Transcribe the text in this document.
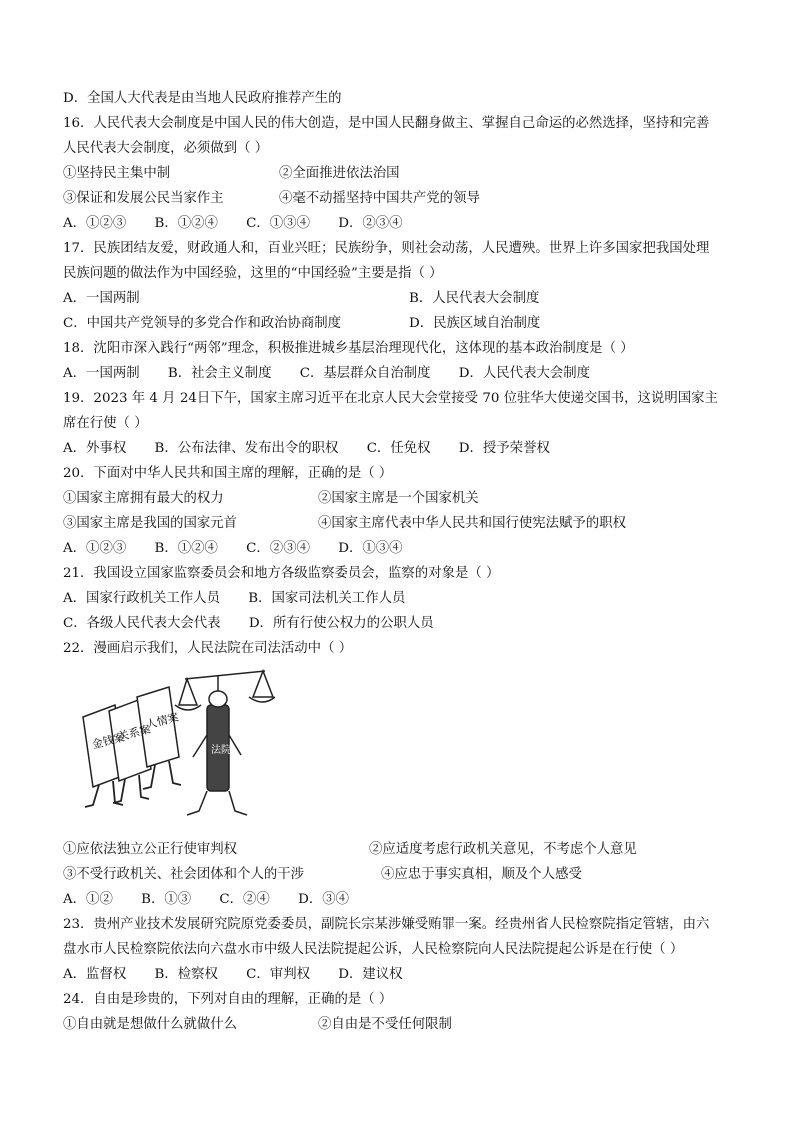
D．全国人大代表是由当地人民政府推荐产生的
16．人民代表大会制度是中国人民的伟大创造，是中国人民翻身做主、掌握自己命运的必然选择，坚持和完善
人民代表大会制度，必须做到（ ）
①坚持民主集中制	②全面推进依法治国
③保证和发展公民当家作主	④毫不动摇坚持中国共产党的领导
A．①②③ B．①②④ C．①③④ D．②③④
17．民族团结友爱，财政通人和，百业兴旺；民族纷争，则社会动荡，人民遭殃。世界上许多国家把我国处理
民族问题的做法作为中国经验，这里的“中国经验”主要是指（ ）
A．一国两制	B．人民代表大会制度
C．中国共产党领导的多党合作和政治协商制度	D．民族区域自治制度
18．沈阳市深入践行“两邻”理念，积极推进城乡基层治理现代化，这体现的基本政治制度是（ ）
A．一国两制 B．社会主义制度 C．基层群众自治制度 D．人民代表大会制度
19．2023 年 4 月 24日下午，国家主席习近平在北京人民大会堂接受 70 位驻华大使递交国书，这说明国家主
席在行使（ ）
A．外事权 B．公布法律、发布出令的职权 C．任免权 D．授予荣誉权
20．下面对中华人民共和国主席的理解，正确的是（ ）
①国家主席拥有最大的权力	②国家主席是一个国家机关
③国家主席是我国的国家元首	④国家主席代表中华人民共和国行使宪法赋予的职权
A．①②③ B．①②④ C．②③④ D．①③④
21．我国设立国家监察委员会和地方各级监察委员会，监察的对象是（ ）
A．国家行政机关工作人员 B．国家司法机关工作人员
C．各级人民代表大会代表 D．所有行使公权力的公职人员
22．漫画启示我们，人民法院在司法活动中（ ）
金钱案
关系案
人情案
法院
①应依法独立公正行使审判权	②应适度考虑行政机关意见，不考虑个人意见
③不受行政机关、社会团体和个人的干涉	④应忠于事实真相，顺及个人感受
A．①② B．①③ C．②④ D．③④
23．贵州产业技术发展研究院原党委委员，副院长宗某涉嫌受贿罪一案。经贵州省人民检察院指定管辖，由六
盘水市人民检察院依法向六盘水市中级人民法院提起公诉，人民检察院向人民法院提起公诉是在行使（ ）
A．监督权 B．检察权 C．审判权 D．建议权
24．自由是珍贵的，下列对自由的理解，正确的是（ ）
①自由就是想做什么就做什么	②自由是不受任何限制
